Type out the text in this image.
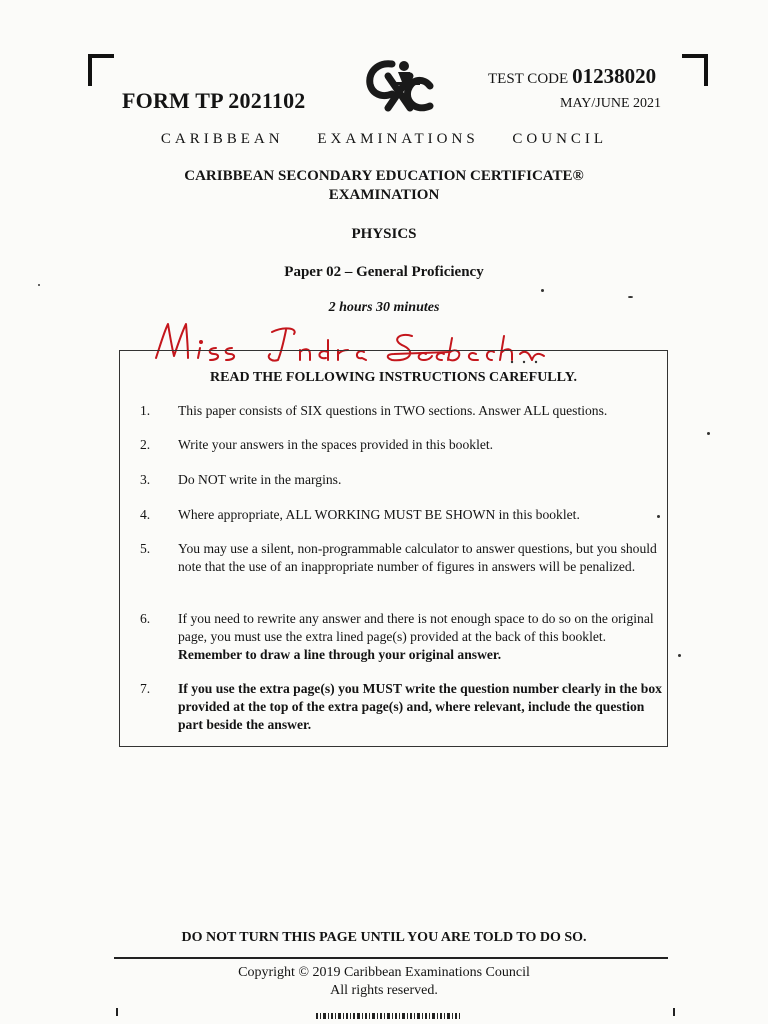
FORM TP 2021102
TEST CODE 01238020
MAY/JUNE 2021
CARIBBEAN EXAMINATIONS COUNCIL
CARIBBEAN SECONDARY EDUCATION CERTIFICATE®
EXAMINATION
PHYSICS
Paper 02 – General Proficiency
2 hours 30 minutes
READ THE FOLLOWING INSTRUCTIONS CAREFULLY.
1.	This paper consists of SIX questions in TWO sections. Answer ALL questions.
2.	Write your answers in the spaces provided in this booklet.
3.	Do NOT write in the margins.
4.	Where appropriate, ALL WORKING MUST BE SHOWN in this booklet.
5.	You may use a silent, non-programmable calculator to answer questions, but you should note that the use of an inappropriate number of figures in answers will be penalized.
6.	If you need to rewrite any answer and there is not enough space to do so on the original page, you must use the extra lined page(s) provided at the back of this booklet. Remember to draw a line through your original answer.
7.	If you use the extra page(s) you MUST write the question number clearly in the box provided at the top of the extra page(s) and, where relevant, include the question part beside the answer.
DO NOT TURN THIS PAGE UNTIL YOU ARE TOLD TO DO SO.
Copyright © 2019 Caribbean Examinations Council
All rights reserved.
